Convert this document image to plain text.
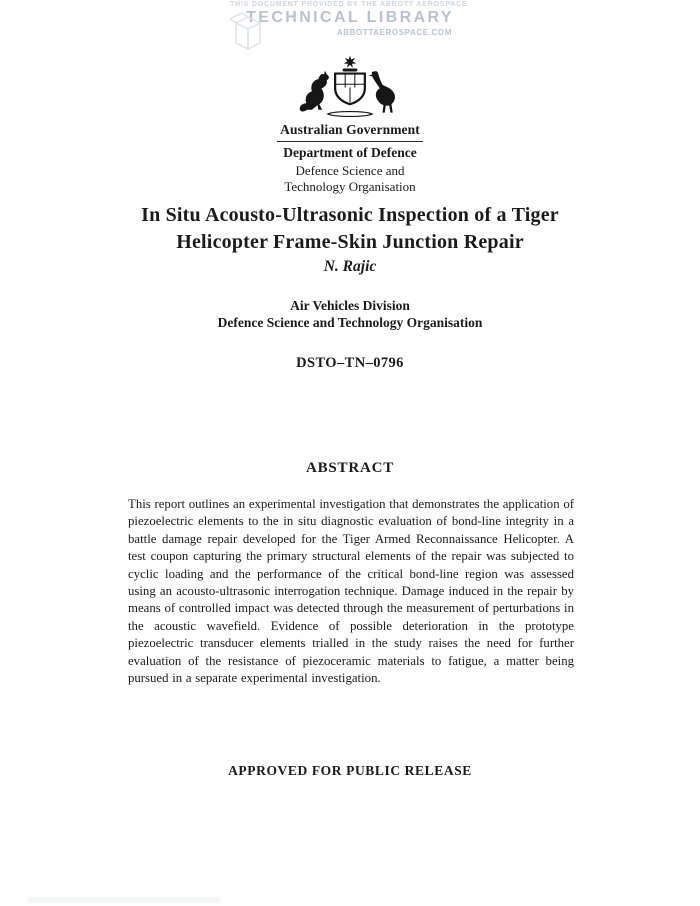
THIS DOCUMENT PROVIDED BY THE ABBOTT AEROSPACE
TECHNICAL LIBRARY
ABBOTTAEROSPACE.COM
Australian Government
Department of Defence
Defence Science and
Technology Organisation
In Situ Acousto-Ultrasonic Inspection of a Tiger
Helicopter Frame-Skin Junction Repair
N. Rajic
Air Vehicles Division
Defence Science and Technology Organisation
DSTO–TN–0796
ABSTRACT

This report outlines an experimental investigation that demonstrates the application of piezoelectric elements to the in situ diagnostic evaluation of bond-line integrity in a battle damage repair developed for the Tiger Armed Reconnaissance Helicopter. A test coupon capturing the primary structural elements of the repair was subjected to cyclic loading and the performance of the critical bond-line region was assessed using an acousto-ultrasonic interrogation technique. Damage induced in the repair by means of controlled impact was detected through the measurement of perturbations in the acoustic wavefield. Evidence of possible deterioration in the prototype piezoelectric transducer elements trialled in the study raises the need for further evaluation of the resistance of piezoceramic materials to fatigue, a matter being pursued in a separate experimental investigation.

APPROVED FOR PUBLIC RELEASE
